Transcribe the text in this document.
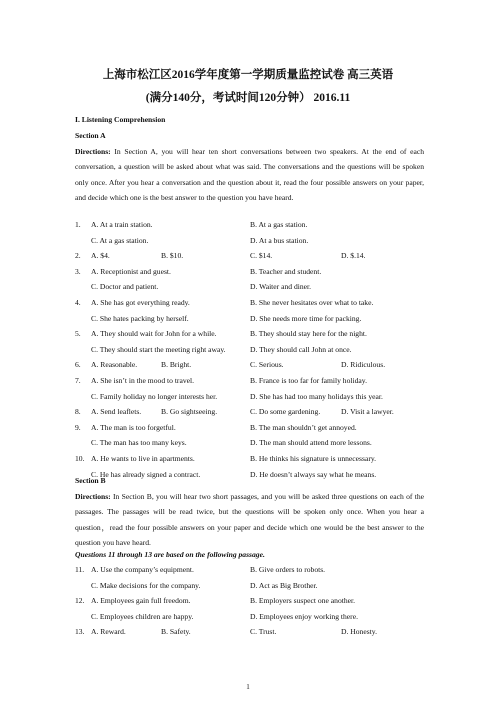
上海市松江区2016学年度第一学期质量监控试卷 高三英语
(满分140分，考试时间120分钟） 2016.11
I. Listening Comprehension
Section A
Directions: In Section A, you will hear ten short conversations between two speakers. At the end of each conversation, a question will be asked about what was said. The conversations and the questions will be spoken only once. After you hear a conversation and the question about it, read the four possible answers on your paper, and decide which one is the best answer to the question you have heard.
1. A. At a train station.	B. At a gas station.
C. At a gas station.	D. At a bus station.
2. A. $4.	B. $10.	C. $14.	D. $.14.
3. A. Receptionist and guest.	B. Teacher and student.
C. Doctor and patient.	D. Waiter and diner.
4. A. She has got everything ready.	B. She never hesitates over what to take.
C. She hates packing by herself.	D. She needs more time for packing.
5. A. They should wait for John for a while.	B. They should stay here for the night.
C. They should start the meeting right away.	D. They should call John at once.
6. A. Reasonable.	B. Bright.	C. Serious.	D. Ridiculous.
7. A. She isn’t in the mood to travel.	B. France is too far for family holiday.
C. Family holiday no longer interests her.	D. She has had too many holidays this year.
8. A. Send leaflets.	B. Go sightseeing.	C. Do some gardening.	D. Visit a lawyer.
9. A. The man is too forgetful.	B. The man shouldn’t get annoyed.
C. The man has too many keys.	D. The man should attend more lessons.
10. A. He wants to live in apartments.	B. He thinks his signature is unnecessary.
C. He has already signed a contract.	D. He doesn’t always say what he means.
Section B
Directions: In Section B, you will hear two short passages, and you will be asked three questions on each of the passages. The passages will be read twice, but the questions will be spoken only once. When you hear a question，read the four possible answers on your paper and decide which one would be the best answer to the question you have heard.
Questions 11 through 13 are based on the following passage.
11. A. Use the company’s equipment.	B. Give orders to robots.
C. Make decisions for the company.	D. Act as Big Brother.
12. A. Employees gain full freedom.	B. Employers suspect one another.
C. Employees children are happy.	D. Employees enjoy working there.
13. A. Reward.	B. Safety.	C. Trust.	D. Honesty.
1
